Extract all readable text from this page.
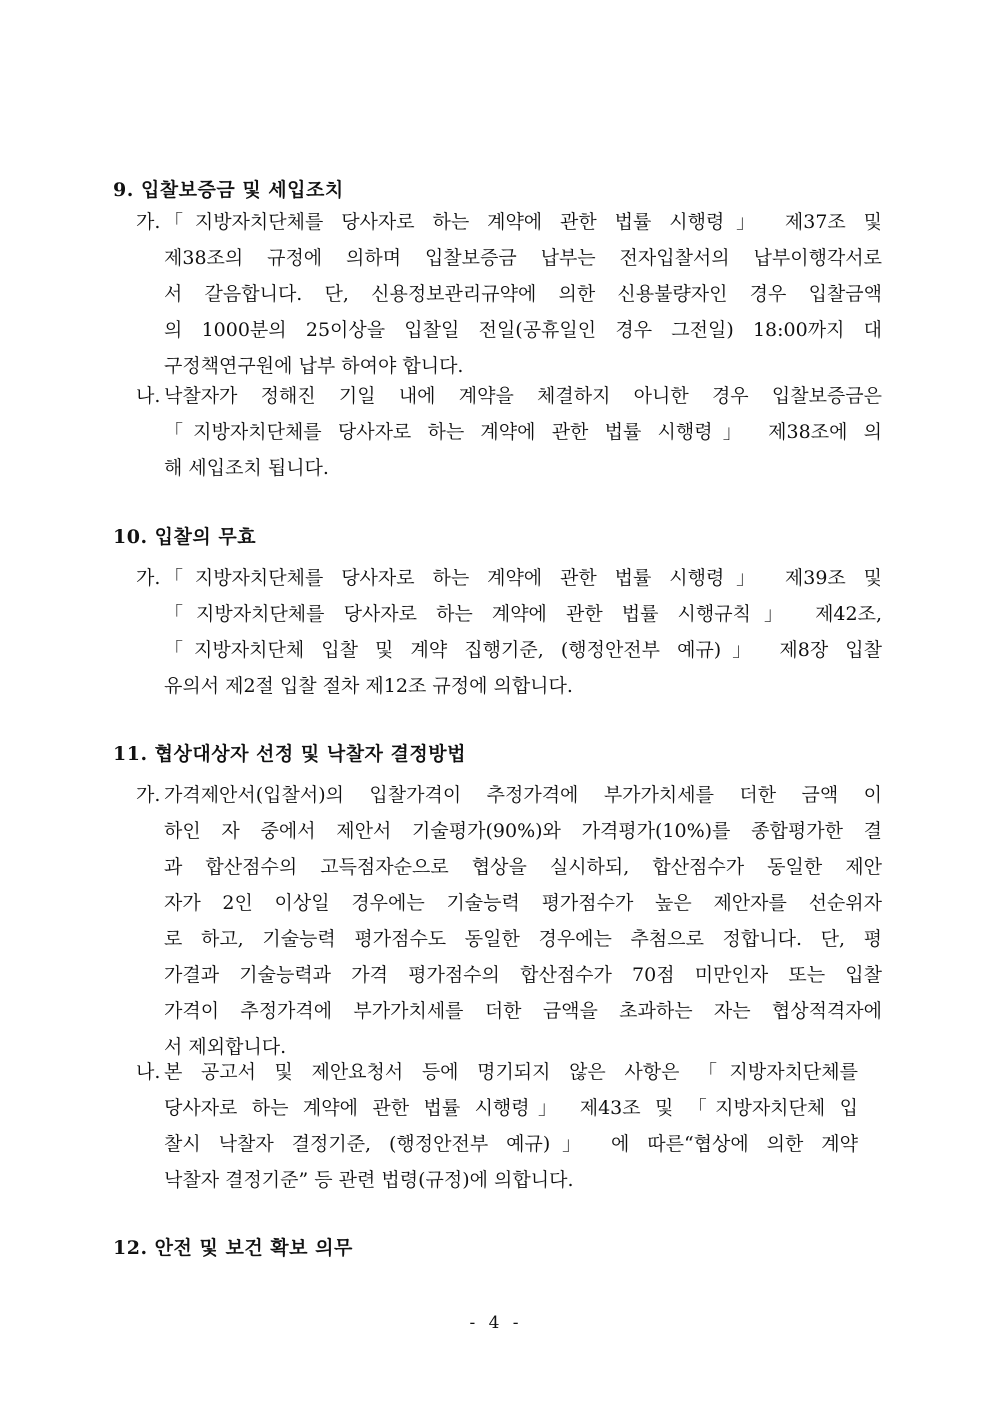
9. 입찰보증금 및 세입조치
가. 「지방자치단체를 당사자로 하는 계약에 관한 법률 시행령」 제37조 및
제38조의 규정에 의하며 입찰보증금 납부는 전자입찰서의 납부이행각서로
서 갈음합니다. 단, 신용정보관리규약에 의한 신용불량자인 경우 입찰금액
의 1000분의 25이상을 입찰일 전일(공휴일인 경우 그전일) 18:00까지 대
구정책연구원에 납부 하여야 합니다.
나. 낙찰자가 정해진 기일 내에 계약을 체결하지 아니한 경우 입찰보증금은
「지방자치단체를 당사자로 하는 계약에 관한 법률 시행령」 제38조에 의
해 세입조치 됩니다.
10. 입찰의 무효
가. 「지방자치단체를 당사자로 하는 계약에 관한 법률 시행령」 제39조 및
「지방자치단체를 당사자로 하는 계약에 관한 법률 시행규칙」 제42조,
「지방자치단체 입찰 및 계약 집행기준, (행정안전부 예규)」 제8장 입찰
유의서 제2절 입찰 절차 제12조 규정에 의합니다.
11. 협상대상자 선정 및 낙찰자 결정방법
가. 가격제안서(입찰서)의 입찰가격이 추정가격에 부가가치세를 더한 금액 이
하인 자 중에서 제안서 기술평가(90%)와 가격평가(10%)를 종합평가한 결
과 합산점수의 고득점자순으로 협상을 실시하되, 합산점수가 동일한 제안
자가 2인 이상일 경우에는 기술능력 평가점수가 높은 제안자를 선순위자
로 하고, 기술능력 평가점수도 동일한 경우에는 추첨으로 정합니다. 단, 평
가결과 기술능력과 가격 평가점수의 합산점수가 70점 미만인자 또는 입찰
가격이 추정가격에 부가가치세를 더한 금액을 초과하는 자는 협상적격자에
서 제외합니다.
나. 본 공고서 및 제안요청서 등에 명기되지 않은 사항은 「지방자치단체를
당사자로 하는 계약에 관한 법률 시행령」 제43조 및 「지방자치단체 입
찰시 낙찰자 결정기준, (행정안전부 예규)」 에 따른“협상에 의한 계약
낙찰자 결정기준” 등 관련 법령(규정)에 의합니다.
12. 안전 및 보건 확보 의무
- 4 -
